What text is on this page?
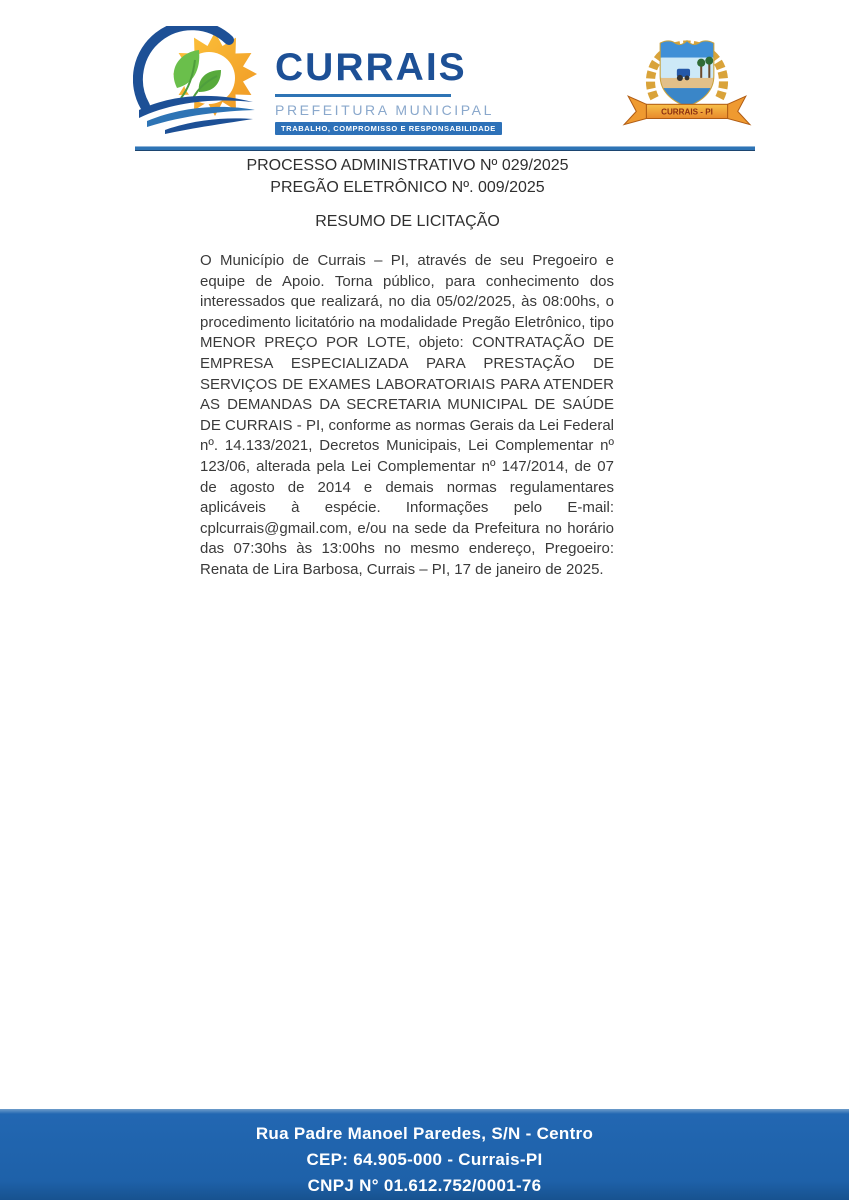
CURRAIS
PREFEITURA MUNICIPAL
TRABALHO, COMPROMISSO E RESPONSABILIDADE
CURRAIS - PI
PROCESSO ADMINISTRATIVO Nº 029/2025
PREGÃO ELETRÔNICO Nº. 009/2025
RESUMO DE LICITAÇÃO
O Município de Currais – PI, através de seu Pregoeiro e equipe de Apoio. Torna público, para conhecimento dos interessados que realizará, no dia 05/02/2025, às 08:00hs, o procedimento licitatório na modalidade Pregão Eletrônico, tipo MENOR PREÇO POR LOTE, objeto: CONTRATAÇÃO DE EMPRESA ESPECIALIZADA PARA PRESTAÇÃO DE SERVIÇOS DE EXAMES LABORATORIAIS PARA ATENDER AS DEMANDAS DA SECRETARIA MUNICIPAL DE SAÚDE DE CURRAIS - PI, conforme as normas Gerais da Lei Federal nº. 14.133/2021, Decretos Municipais, Lei Complementar nº 123/06, alterada pela Lei Complementar nº 147/2014, de 07 de agosto de 2014 e demais normas regulamentares aplicáveis à espécie. Informações pelo E-mail: cplcurrais@gmail.com, e/ou na sede da Prefeitura no horário das 07:30hs às 13:00hs no mesmo endereço, Pregoeiro: Renata de Lira Barbosa, Currais – PI, 17 de janeiro de 2025.
Rua Padre Manoel Paredes, S/N - Centro
CEP: 64.905-000 - Currais-PI
CNPJ N° 01.612.752/0001-76
